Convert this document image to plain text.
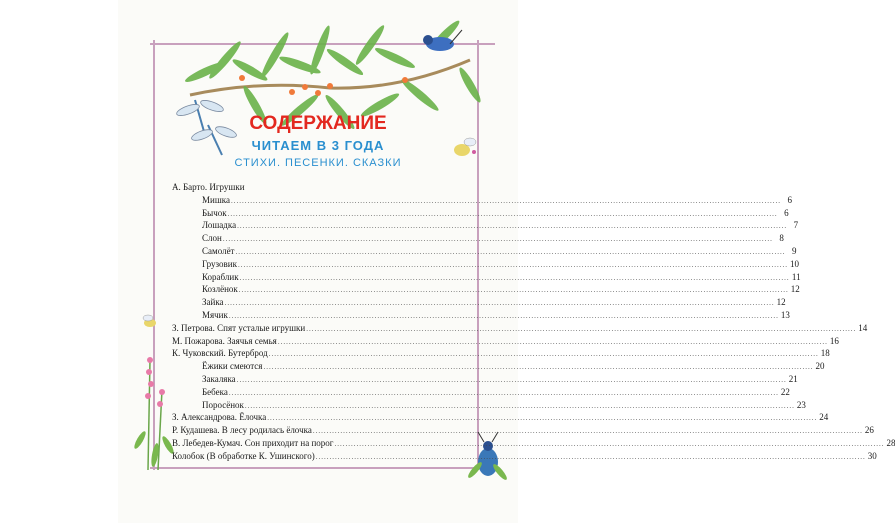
СОДЕРЖАНИЕ
ЧИТАЕМ В 3 ГОДА
СТИХИ. ПЕСЕНКИ. СКАЗКИ
А. Барто. Игрушки
Мишка ........................................................................................................................................................................................................ 6
Бычок ........................................................................................................................................................................................................ 6
Лошадка ........................................................................................................................................................................................................ 7
Слон ........................................................................................................................................................................................................ 8
Самолёт ........................................................................................................................................................................................................ 9
Грузовик ........................................................................................................................................................................................................ 10
Кораблик ........................................................................................................................................................................................................ 11
Козлёнок ........................................................................................................................................................................................................ 12
Зайка ........................................................................................................................................................................................................ 12
Мячик ........................................................................................................................................................................................................ 13
З. Петрова. Спят усталые игрушки ........................................................................................................................................................................................................ 14
М. Пожарова. Заячья семья ........................................................................................................................................................................................................ 16
К. Чуковский. Бутерброд ........................................................................................................................................................................................................ 18
Ёжики смеются ........................................................................................................................................................................................................ 20
Закаляка ........................................................................................................................................................................................................ 21
Бебека ........................................................................................................................................................................................................ 22
Поросёнок ........................................................................................................................................................................................................ 23
З. Александрова. Ёлочка ........................................................................................................................................................................................................ 24
Р. Кудашева. В лесу родилась ёлочка ........................................................................................................................................................................................................ 26
В. Лебедев-Кумач. Сон приходит на порог ........................................................................................................................................................................................................ 28
Колобок (В обработке К. Ушинского) ........................................................................................................................................................................................................ 30
